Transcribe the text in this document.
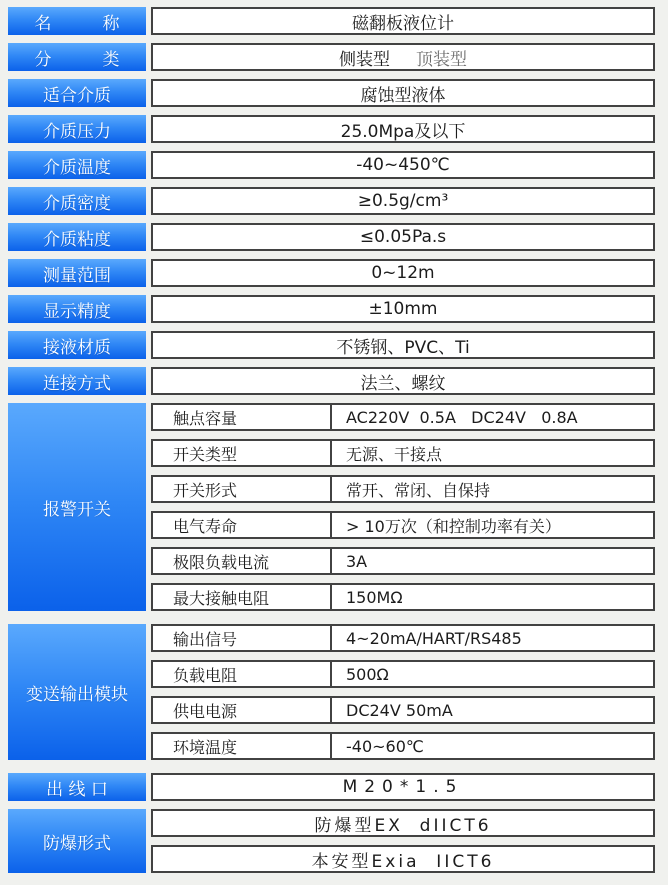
名　　　称	磁翻板液位计
分　　　类	侧装型 顶装型
适合介质	腐蚀型液体
介质压力	25.0Mpa及以下
介质温度	-40~450℃
介质密度	≥0.5g/cm³
介质粘度	≤0.05Pa.s
测量范围	0~12m
显示精度	±10mm
接液材质	不锈钢、PVC、Ti
连接方式	法兰、螺纹
报警开关
触点容量	AC220V  0.5A   DC24V   0.8A
开关类型	无源、干接点
开关形式	常开、常闭、自保持
电气寿命	> 10万次（和控制功率有关）
极限负载电流	3A
最大接触电阻	150MΩ
变送输出模块
输出信号	4~20mA/HART/RS485
负载电阻	500Ω
供电电源	DC24V 50mA
环境温度	-40~60℃
出 线 口	M20*1.5
防爆形式
防爆型EX  dIICT6
本安型Exia  IICT6
